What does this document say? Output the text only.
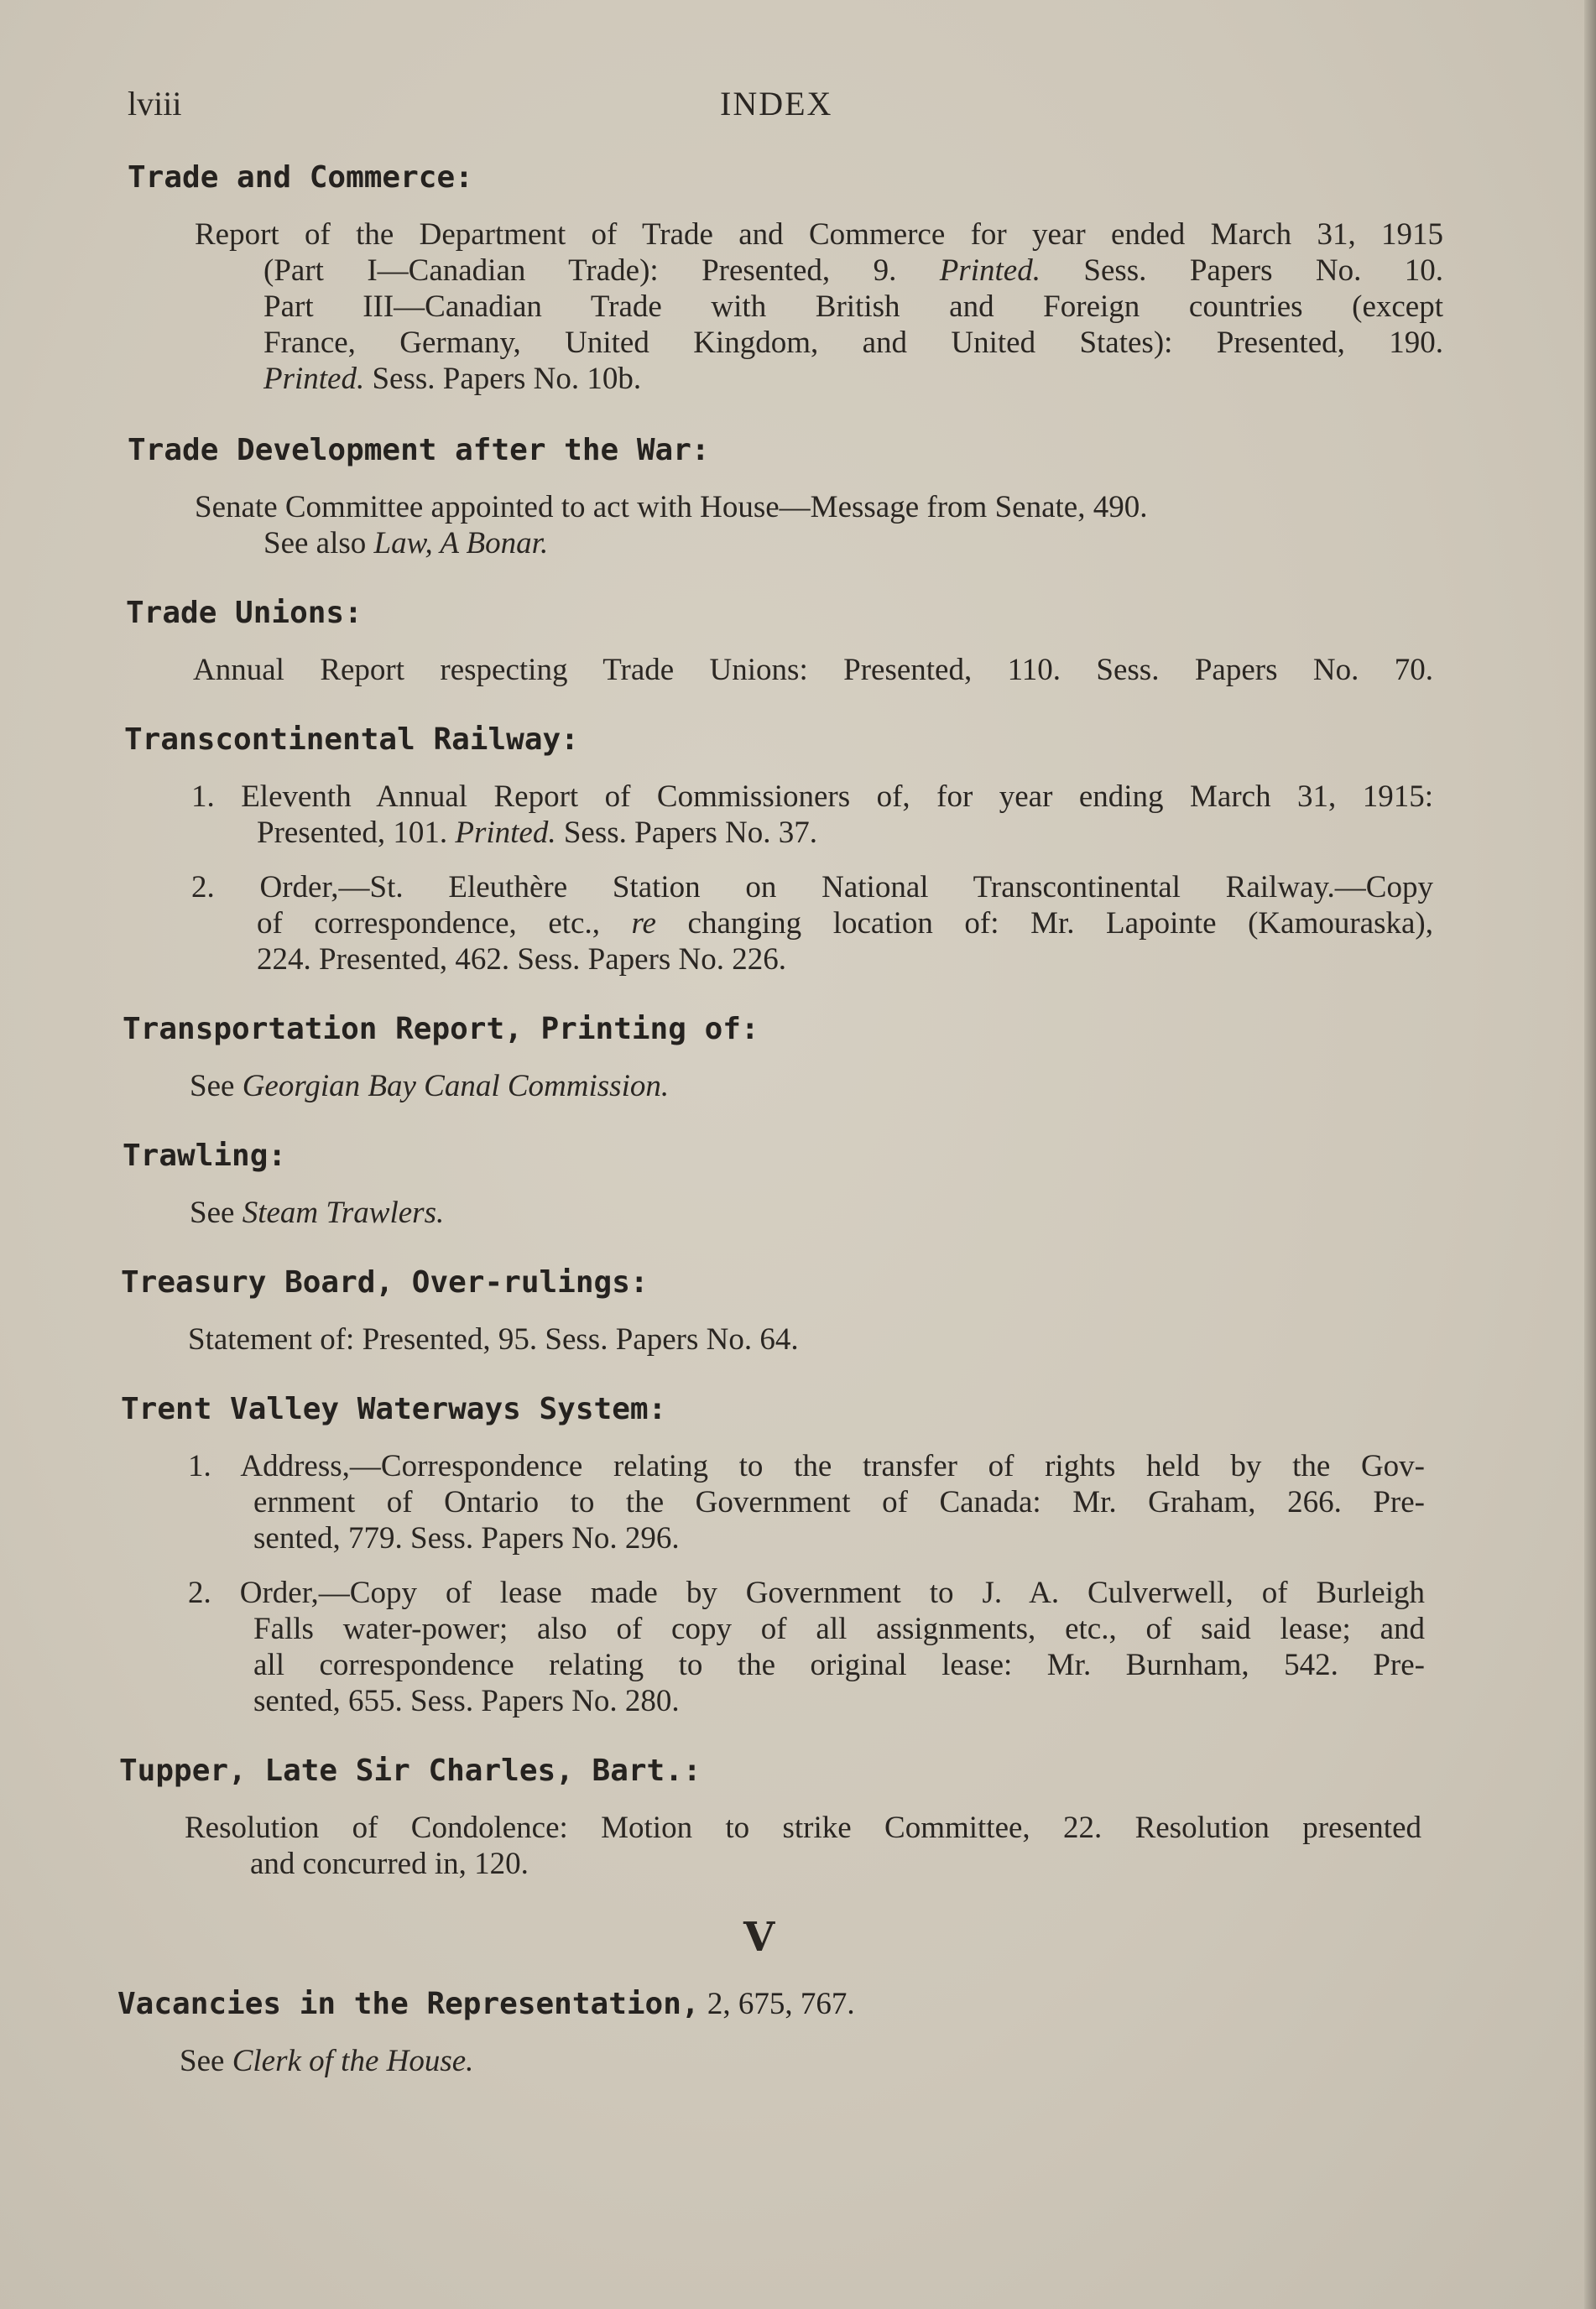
lviii	INDEX

Trade and Commerce:

Report of the Department of Trade and Commerce for year ended March 31, 1915
(Part I—Canadian Trade): Presented, 9. Printed. Sess. Papers No. 10.
Part III—Canadian Trade with British and Foreign countries (except
France, Germany, United Kingdom, and United States): Presented, 190.
Printed. Sess. Papers No. 10b.

Trade Development after the War:

Senate Committee appointed to act with House—Message from Senate, 490.
See also Law, A Bonar.

Trade Unions:

Annual Report respecting Trade Unions: Presented, 110. Sess. Papers No. 70.

Transcontinental Railway:

1. Eleventh Annual Report of Commissioners of, for year ending March 31, 1915:
Presented, 101. Printed. Sess. Papers No. 37.
2. Order,—St. Eleuthère Station on National Transcontinental Railway.—Copy
of correspondence, etc., re changing location of: Mr. Lapointe (Kamouraska),
224. Presented, 462. Sess. Papers No. 226.

Transportation Report, Printing of:

See Georgian Bay Canal Commission.

Trawling:

See Steam Trawlers.

Treasury Board, Over-rulings:

Statement of: Presented, 95. Sess. Papers No. 64.

Trent Valley Waterways System:

1. Address,—Correspondence relating to the transfer of rights held by the Gov-
ernment of Ontario to the Government of Canada: Mr. Graham, 266. Pre-
sented, 779. Sess. Papers No. 296.
2. Order,—Copy of lease made by Government to J. A. Culverwell, of Burleigh
Falls water-power; also of copy of all assignments, etc., of said lease; and
all correspondence relating to the original lease: Mr. Burnham, 542. Pre-
sented, 655. Sess. Papers No. 280.

Tupper, Late Sir Charles, Bart.:

Resolution of Condolence: Motion to strike Committee, 22. Resolution presented
and concurred in, 120.
V

Vacancies in the Representation, 2, 675, 767.

See Clerk of the House.
